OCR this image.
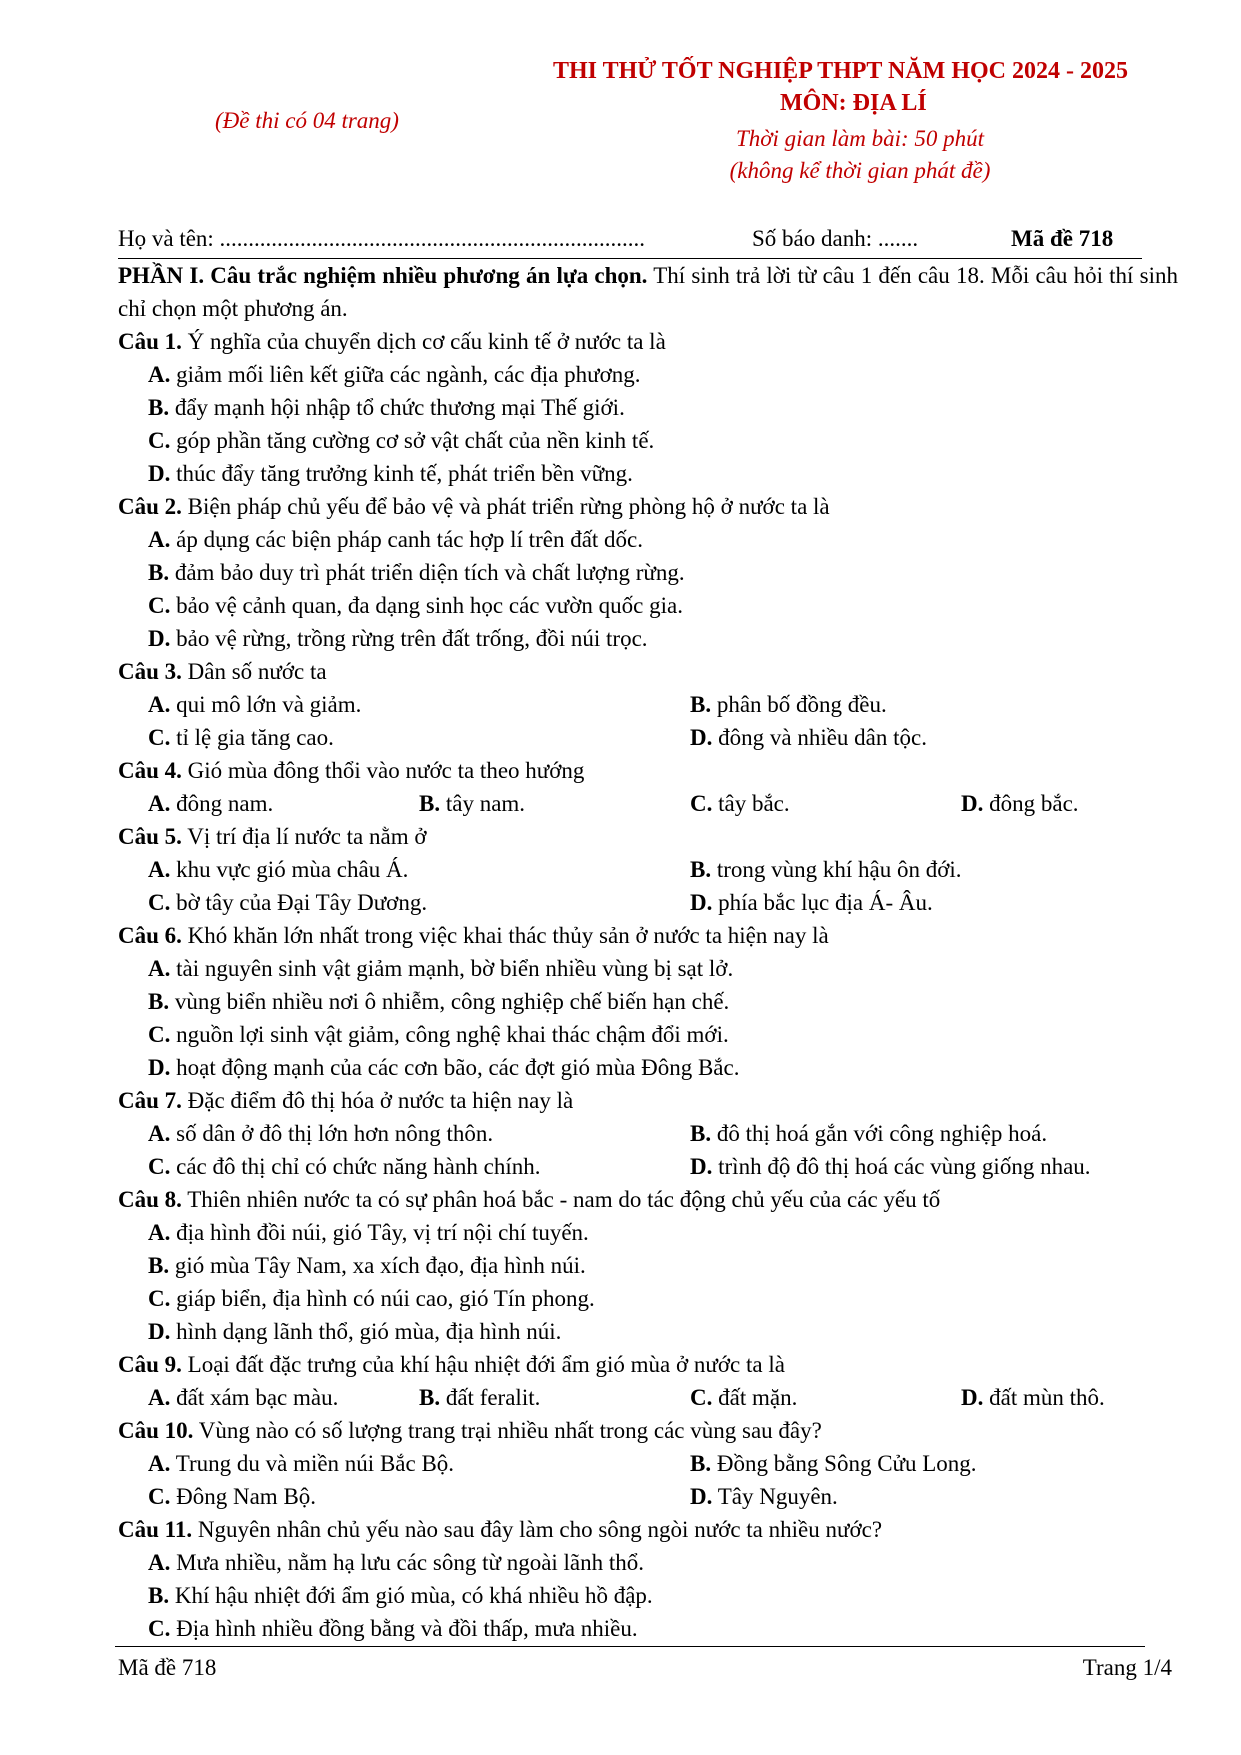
(Đề thi có 04 trang)
THI THỬ TỐT NGHIỆP THPT NĂM HỌC 2024 - 2025
MÔN: ĐỊA LÍ
Thời gian làm bài: 50 phút
(không kể thời gian phát đề)
Họ và tên: ..........................................................................	Số báo danh: .......	Mã đề 718

PHẦN I. Câu trắc nghiệm nhiều phương án lựa chọn. Thí sinh trả lời từ câu 1 đến câu 18. Mỗi câu hỏi thí sinh chỉ chọn một phương án.

Câu 1. Ý nghĩa của chuyển dịch cơ cấu kinh tế ở nước ta là
A. giảm mối liên kết giữa các ngành, các địa phương.
B. đẩy mạnh hội nhập tổ chức thương mại Thế giới.
C. góp phần tăng cường cơ sở vật chất của nền kinh tế.
D. thúc đẩy tăng trưởng kinh tế, phát triển bền vững.
Câu 2. Biện pháp chủ yếu để bảo vệ và phát triển rừng phòng hộ ở nước ta là
A. áp dụng các biện pháp canh tác hợp lí trên đất dốc.
B. đảm bảo duy trì phát triển diện tích và chất lượng rừng.
C. bảo vệ cảnh quan, đa dạng sinh học các vườn quốc gia.
D. bảo vệ rừng, trồng rừng trên đất trống, đồi núi trọc.
Câu 3. Dân số nước ta
A. qui mô lớn và giảm.	B. phân bố đồng đều.
C. tỉ lệ gia tăng cao.	D. đông và nhiều dân tộc.
Câu 4. Gió mùa đông thổi vào nước ta theo hướng
A. đông nam.	B. tây nam.	C. tây bắc.	D. đông bắc.
Câu 5. Vị trí địa lí nước ta nằm ở
A. khu vực gió mùa châu Á.	B. trong vùng khí hậu ôn đới.
C. bờ tây của Đại Tây Dương.	D. phía bắc lục địa Á- Âu.
Câu 6. Khó khăn lớn nhất trong việc khai thác thủy sản ở nước ta hiện nay là
A. tài nguyên sinh vật giảm mạnh, bờ biển nhiều vùng bị sạt lở.
B. vùng biển nhiều nơi ô nhiễm, công nghiệp chế biến hạn chế.
C. nguồn lợi sinh vật giảm, công nghệ khai thác chậm đổi mới.
D. hoạt động mạnh của các cơn bão, các đợt gió mùa Đông Bắc.
Câu 7. Đặc điểm đô thị hóa ở nước ta hiện nay là
A. số dân ở đô thị lớn hơn nông thôn.	B. đô thị hoá gắn với công nghiệp hoá.
C. các đô thị chỉ có chức năng hành chính.	D. trình độ đô thị hoá các vùng giống nhau.
Câu 8. Thiên nhiên nước ta có sự phân hoá bắc - nam do tác động chủ yếu của các yếu tố
A. địa hình đồi núi, gió Tây, vị trí nội chí tuyến.
B. gió mùa Tây Nam, xa xích đạo, địa hình núi.
C. giáp biển, địa hình có núi cao, gió Tín phong.
D. hình dạng lãnh thổ, gió mùa, địa hình núi.
Câu 9. Loại đất đặc trưng của khí hậu nhiệt đới ẩm gió mùa ở nước ta là
A. đất xám bạc màu.	B. đất feralit.	C. đất mặn.	D. đất mùn thô.
Câu 10. Vùng nào có số lượng trang trại nhiều nhất trong các vùng sau đây?
A. Trung du và miền núi Bắc Bộ.	B. Đồng bằng Sông Cửu Long.
C. Đông Nam Bộ.	D. Tây Nguyên.
Câu 11. Nguyên nhân chủ yếu nào sau đây làm cho sông ngòi nước ta nhiều nước?
A. Mưa nhiều, nằm hạ lưu các sông từ ngoài lãnh thổ.
B. Khí hậu nhiệt đới ẩm gió mùa, có khá nhiều hồ đập.
C. Địa hình nhiều đồng bằng và đồi thấp, mưa nhiều.
Mã đề 718	Trang 1/4
